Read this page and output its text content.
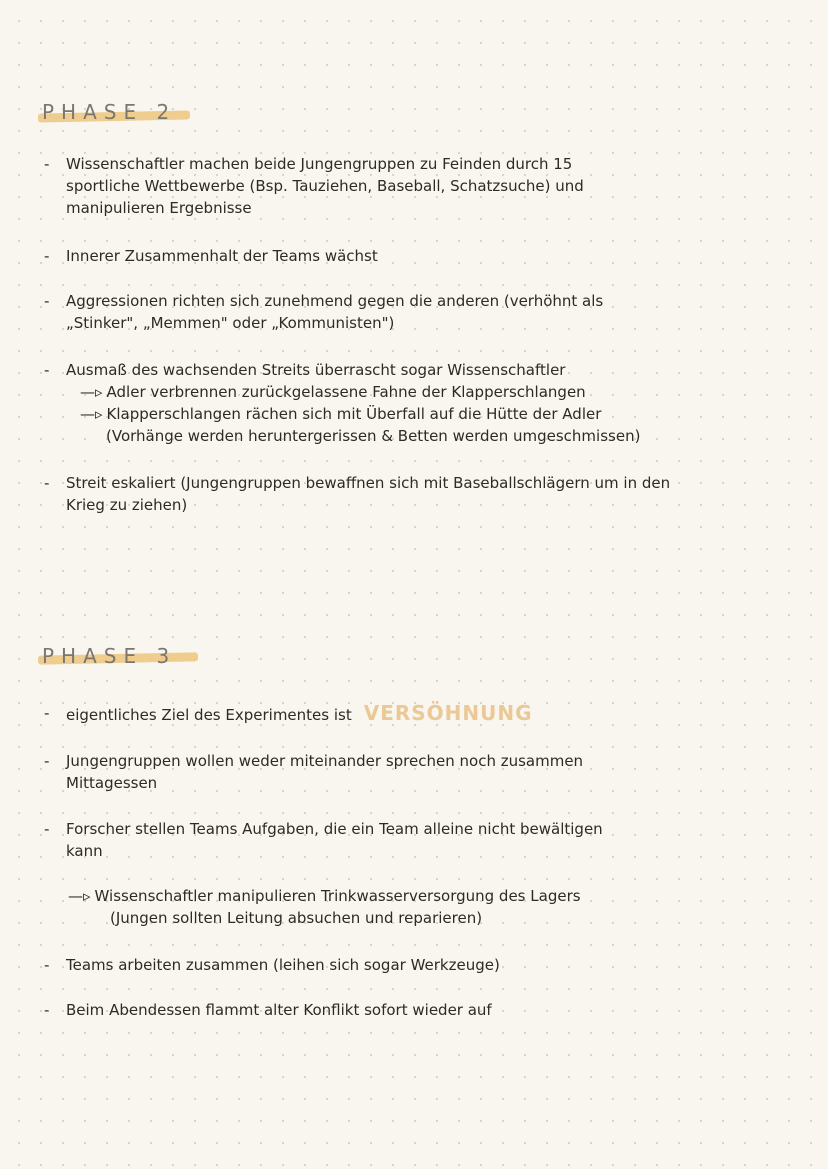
PHASE 2
- Wissenschaftler machen beide Jungengruppen zu Feinden durch 15
sportliche Wettbewerbe (Bsp. Tauziehen, Baseball, Schatzsuche) und
manipulieren Ergebnisse
- Innerer Zusammenhalt der Teams wächst
- Aggressionen richten sich zunehmend gegen die anderen (verhöhnt als
„Stinker", „Memmen" oder „Kommunisten")
- Ausmaß des wachsenden Streits überrascht sogar Wissenschaftler
—▹ Adler verbrennen zurückgelassene Fahne der Klapperschlangen
—▹ Klapperschlangen rächen sich mit Überfall auf die Hütte der Adler
(Vorhänge werden heruntergerissen & Betten werden umgeschmissen)
- Streit eskaliert (Jungengruppen bewaffnen sich mit Baseballschlägern um in den
Krieg zu ziehen)
PHASE 3
- eigentliches Ziel des Experimentes ist VERSÖHNUNG
- Jungengruppen wollen weder miteinander sprechen noch zusammen
Mittagessen
- Forscher stellen Teams Aufgaben, die ein Team alleine nicht bewältigen
kann
—▹ Wissenschaftler manipulieren Trinkwasserversorgung des Lagers
(Jungen sollten Leitung absuchen und reparieren)
- Teams arbeiten zusammen (leihen sich sogar Werkzeuge)
- Beim Abendessen flammt alter Konflikt sofort wieder auf
